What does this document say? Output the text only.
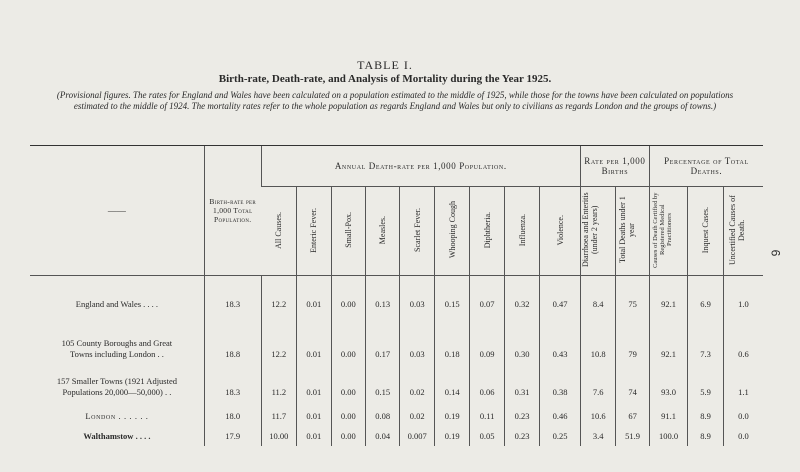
TABLE I.
Birth-rate, Death-rate, and Analysis of Mortality during the Year 1925.
(Provisional figures. The rates for England and Wales have been calculated on a population estimated to the middle of 1925, while those for the towns have been calculated on populations estimated to the middle of 1924. The mortality rates refer to the whole population as regards England and Wales but only to civilians as regards London and the groups of towns.)
6
——	Birth-rate per 1,000 Total Population.	Annual Death-rate per 1,000 Population.									Rate per 1,000 Births		Percentage of Total Deaths.		
		All Causes.	Enteric Fever.	Small-Pox.	Measles.	Scarlet Fever.	Whooping Cough	Diphtheria.	Influenza.	Violence.	Diarrhoea and Enteritis (under 2 years)	Total Deaths under 1 year	Causes of Death Certified by Registered Medical Practitioners	Inquest Cases.	Uncertified Causes of Death.
England and Wales . . . .	18.3	12.2	0.01	0.00	0.13	0.03	0.15	0.07	0.32	0.47	8.4	75	92.1	6.9	1.0
105 County Boroughs and Great
Towns including London . .	18.8	12.2	0.01	0.00	0.17	0.03	0.18	0.09	0.30	0.43	10.8	79	92.1	7.3	0.6
157 Smaller Towns (1921 Adjusted
Populations 20,000—50,000) . .	18.3	11.2	0.01	0.00	0.15	0.02	0.14	0.06	0.31	0.38	7.6	74	93.0	5.9	1.1
London . . . . . .	18.0	11.7	0.01	0.00	0.08	0.02	0.19	0.11	0.23	0.46	10.6	67	91.1	8.9	0.0
Walthamstow . . . .	17.9	10.00	0.01	0.00	0.04	0.007	0.19	0.05	0.23	0.25	3.4	51.9	100.0	8.9	0.0
